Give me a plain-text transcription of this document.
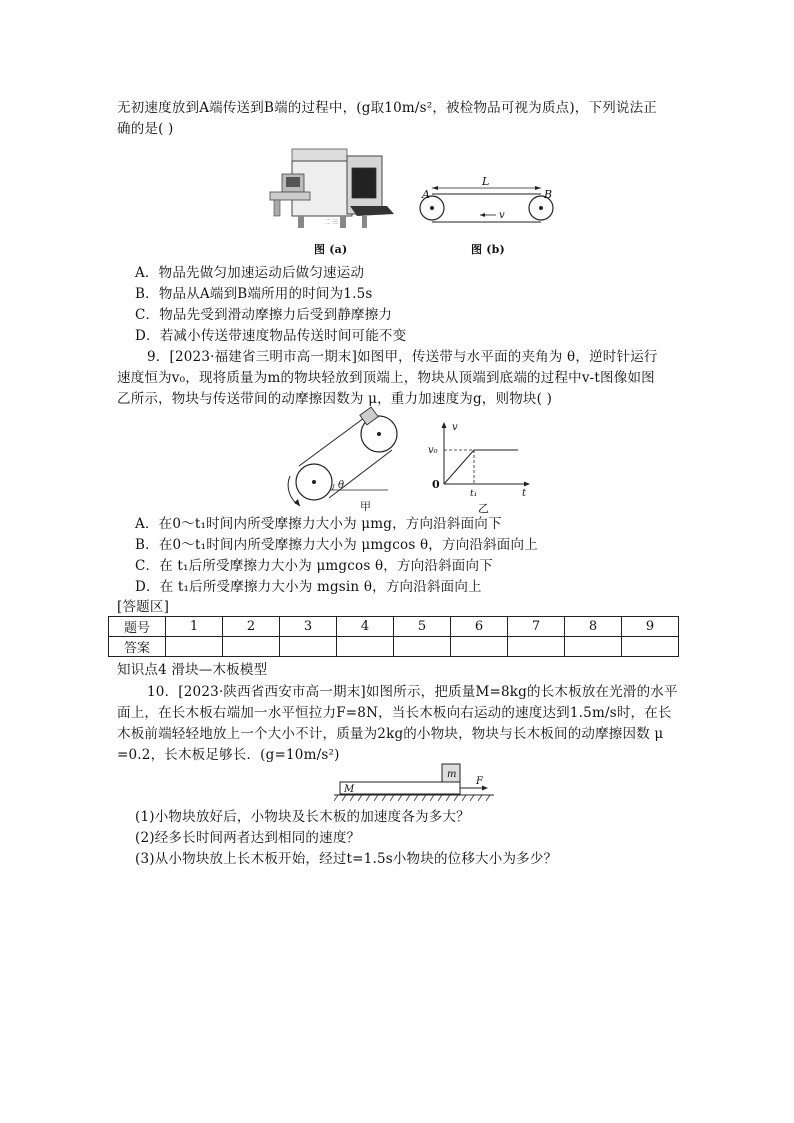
无初速度放到A端传送到B端的过程中，(g取10m/s²，被检物品可视为质点)，下列说法正
确的是( )
二 三
图 (a)
A	B
L
v
图 (b)
A．物品先做匀加速运动后做匀速运动
B．物品从A端到B端所用的时间为1.5s
C．物品先受到滑动摩擦力后受到静摩擦力
D．若减小传送带速度物品传送时间可能不变
9．[2023·福建省三明市高一期末]如图甲，传送带与水平面的夹角为 θ，逆时针运行
速度恒为v₀，现将质量为m的物块轻放到顶端上，物块从顶端到底端的过程中v-t图像如图
乙所示，物块与传送带间的动摩擦因数为 μ，重力加速度为g，则物块( )
θ
甲
v
t
v₀
0
t₁
乙
A．在0～t₁时间内所受摩擦力大小为 μmg，方向沿斜面向下
B．在0～t₁时间内所受摩擦力大小为 μmgcos θ，方向沿斜面向上
C．在 t₁后所受摩擦力大小为 μmgcos θ，方向沿斜面向下
D．在 t₁后所受摩擦力大小为 mgsin θ，方向沿斜面向上
[答题区]
题号	1	2	3	4	5	6	7	8	9
答案									
知识点4 滑块—木板模型
10．[2023·陕西省西安市高一期末]如图所示，把质量M=8kg的长木板放在光滑的水平
面上，在长木板右端加一水平恒拉力F=8N，当长木板向右运动的速度达到1.5m/s时，在长
木板前端轻轻地放上一个大小不计，质量为2kg的小物块，物块与长木板间的动摩擦因数 μ
=0.2，长木板足够长．(g=10m/s²)
M
m
F
(1)小物块放好后，小物块及长木板的加速度各为多大？
(2)经多长时间两者达到相同的速度？
(3)从小物块放上长木板开始，经过t=1.5s小物块的位移大小为多少？
